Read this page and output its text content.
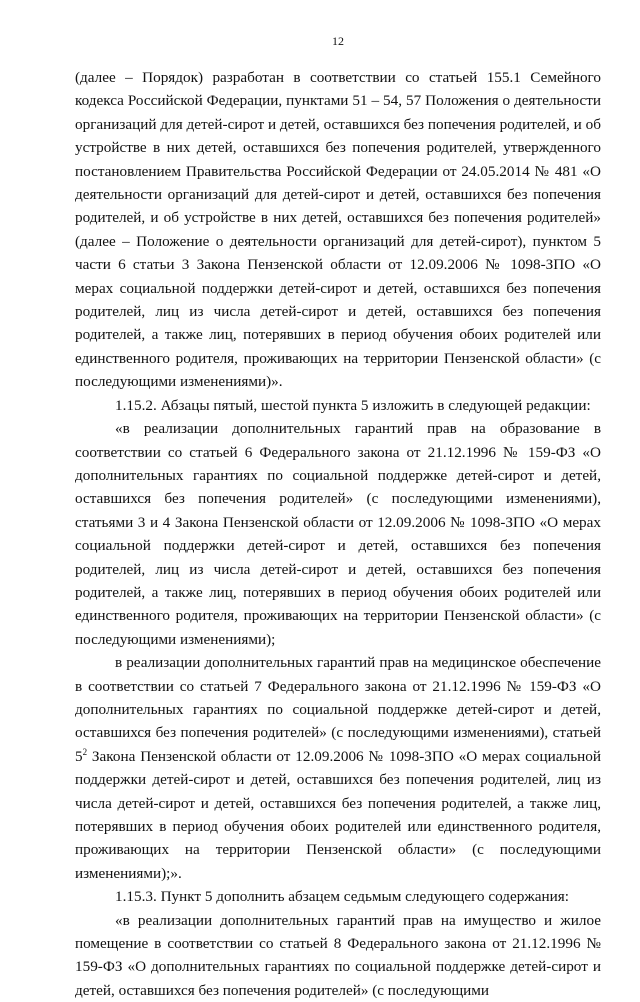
12

(далее – Порядок) разработан в соответствии со статьей 155.1 Семейного кодекса Российской Федерации, пунктами 51 – 54, 57 Положения о деятельности организаций для детей-сирот и детей, оставшихся без попечения родителей, и об устройстве в них детей, оставшихся без попечения родителей, утвержденного постановлением Правительства Российской Федерации от 24.05.2014 № 481 «О деятельности организаций для детей-сирот и детей, оставшихся без попечения родителей, и об устройстве в них детей, оставшихся без попечения родителей» (далее – Положение о деятельности организаций для детей-сирот), пунктом 5 части 6 статьи 3 Закона Пензенской области от 12.09.2006 № 1098-ЗПО «О мерах социальной поддержки детей-сирот и детей, оставшихся без попечения родителей, лиц из числа детей-сирот и детей, оставшихся без попечения родителей, а также лиц, потерявших в период обучения обоих родителей или единственного родителя, проживающих на территории Пензенской области» (с последующими изменениями)».

1.15.2. Абзацы пятый, шестой пункта 5 изложить в следующей редакции:

«в реализации дополнительных гарантий прав на образование в соответствии со статьей 6 Федерального закона от 21.12.1996 № 159-ФЗ «О дополнительных гарантиях по социальной поддержке детей-сирот и детей, оставшихся без попечения родителей» (с последующими изменениями), статьями 3 и 4 Закона Пензенской области от 12.09.2006 № 1098-ЗПО «О мерах социальной поддержки детей-сирот и детей, оставшихся без попечения родителей, лиц из числа детей-сирот и детей, оставшихся без попечения родителей, а также лиц, потерявших в период обучения обоих родителей или единственного родителя, проживающих на территории Пензенской области» (с последующими изменениями);

в реализации дополнительных гарантий прав на медицинское обеспечение в соответствии со статьей 7 Федерального закона от 21.12.1996 № 159-ФЗ «О дополнительных гарантиях по социальной поддержке детей-сирот и детей, оставшихся без попечения родителей» (с последующими изменениями), статьей $5^2$ Закона Пензенской области от 12.09.2006 № 1098-ЗПО «О мерах социальной поддержки детей-сирот и детей, оставшихся без попечения родителей, лиц из числа детей-сирот и детей, оставшихся без попечения родителей, а также лиц, потерявших в период обучения обоих родителей или единственного родителя, проживающих на территории Пензенской области» (с последующими изменениями);».

1.15.3. Пункт 5 дополнить абзацем седьмым следующего содержания:

«в реализации дополнительных гарантий прав на имущество и жилое помещение в соответствии со статьей 8 Федерального закона от 21.12.1996 № 159-ФЗ «О дополнительных гарантиях по социальной поддержке детей-сирот и детей, оставшихся без попечения родителей» (с последующими
